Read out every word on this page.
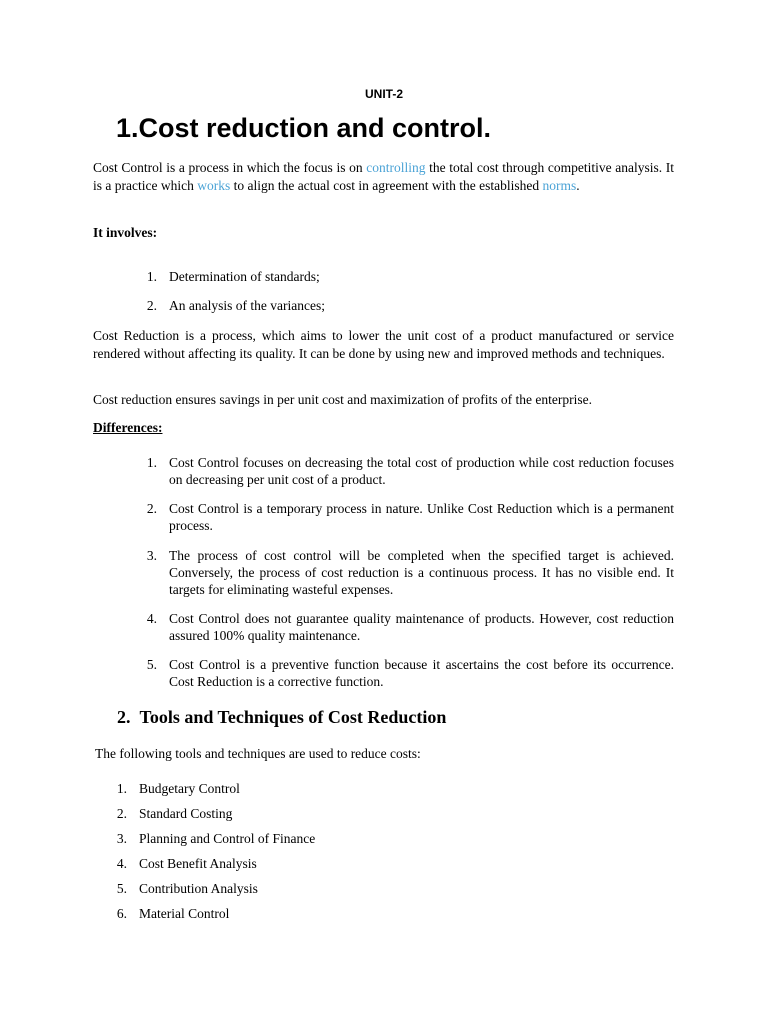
UNIT-2
1.Cost reduction and control.

Cost Control is a process in which the focus is on controlling the total cost through competitive analysis. It is a practice which works to align the actual cost in agreement with the established norms.

It involves:
1. Determination of standards;
2. An analysis of the variances;
Cost Reduction is a process, which aims to lower the unit cost of a product manufactured or service rendered without affecting its quality. It can be done by using new and improved methods and techniques.
Cost reduction ensures savings in per unit cost and maximization of profits of the enterprise.
Differences:
1. Cost Control focuses on decreasing the total cost of production while cost reduction focuses on decreasing per unit cost of a product.
2. Cost Control is a temporary process in nature. Unlike Cost Reduction which is a permanent process.
3. The process of cost control will be completed when the specified target is achieved. Conversely, the process of cost reduction is a continuous process. It has no visible end. It targets for eliminating wasteful expenses.
4. Cost Control does not guarantee quality maintenance of products. However, cost reduction assured 100% quality maintenance.
5. Cost Control is a preventive function because it ascertains the cost before its occurrence. Cost Reduction is a corrective function.
2. Tools and Techniques of Cost Reduction
The following tools and techniques are used to reduce costs:
1. Budgetary Control
2. Standard Costing
3. Planning and Control of Finance
4. Cost Benefit Analysis
5. Contribution Analysis
6. Material Control
